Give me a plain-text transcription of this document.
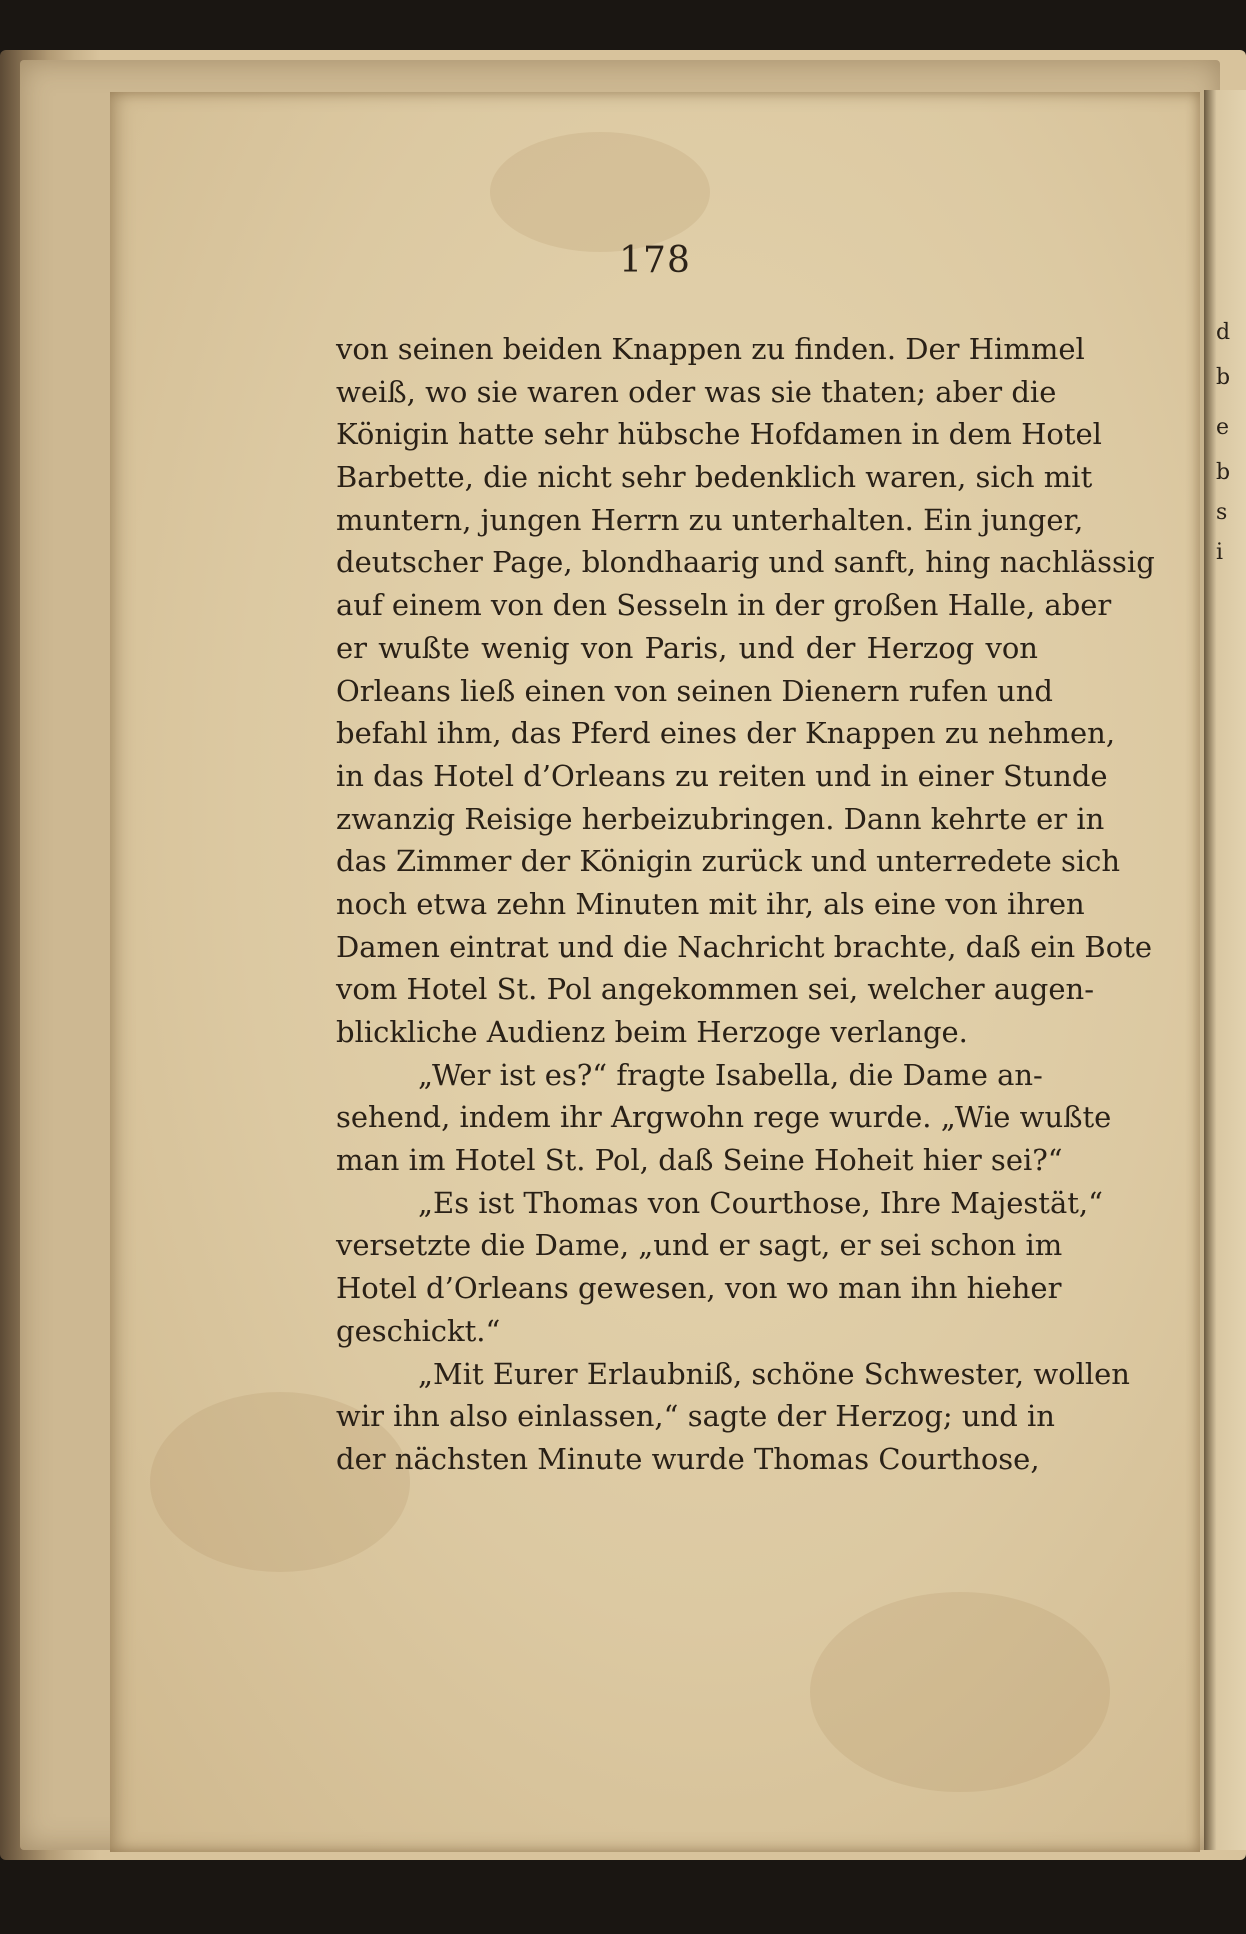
d
b
e
b
s
i
178
von seinen beiden Knappen zu finden. Der Himmel
weiß, wo sie waren oder was sie thaten; aber die
Königin hatte sehr hübsche Hofdamen in dem Hotel
Barbette, die nicht sehr bedenklich waren, sich mit
muntern, jungen Herrn zu unterhalten. Ein junger,
deutscher Page, blondhaarig und sanft, hing nachlässig
auf einem von den Sesseln in der großen Halle, aber
er wußte wenig von Paris, und der Herzog von
Orleans ließ einen von seinen Dienern rufen und
befahl ihm, das Pferd eines der Knappen zu nehmen,
in das Hotel d’Orleans zu reiten und in einer Stunde
zwanzig Reisige herbeizubringen. Dann kehrte er in
das Zimmer der Königin zurück und unterredete sich
noch etwa zehn Minuten mit ihr, als eine von ihren
Damen eintrat und die Nachricht brachte, daß ein Bote
vom Hotel St. Pol angekommen sei, welcher augen-
blickliche Audienz beim Herzoge verlange.
„Wer ist es?“ fragte Isabella, die Dame an-
sehend, indem ihr Argwohn rege wurde. „Wie wußte
man im Hotel St. Pol, daß Seine Hoheit hier sei?“
„Es ist Thomas von Courthose, Ihre Majestät,“
versetzte die Dame, „und er sagt, er sei schon im
Hotel d’Orleans gewesen, von wo man ihn hieher
geschickt.“
„Mit Eurer Erlaubniß, schöne Schwester, wollen
wir ihn also einlassen,“ sagte der Herzog; und in
der nächsten Minute wurde Thomas Courthose,
